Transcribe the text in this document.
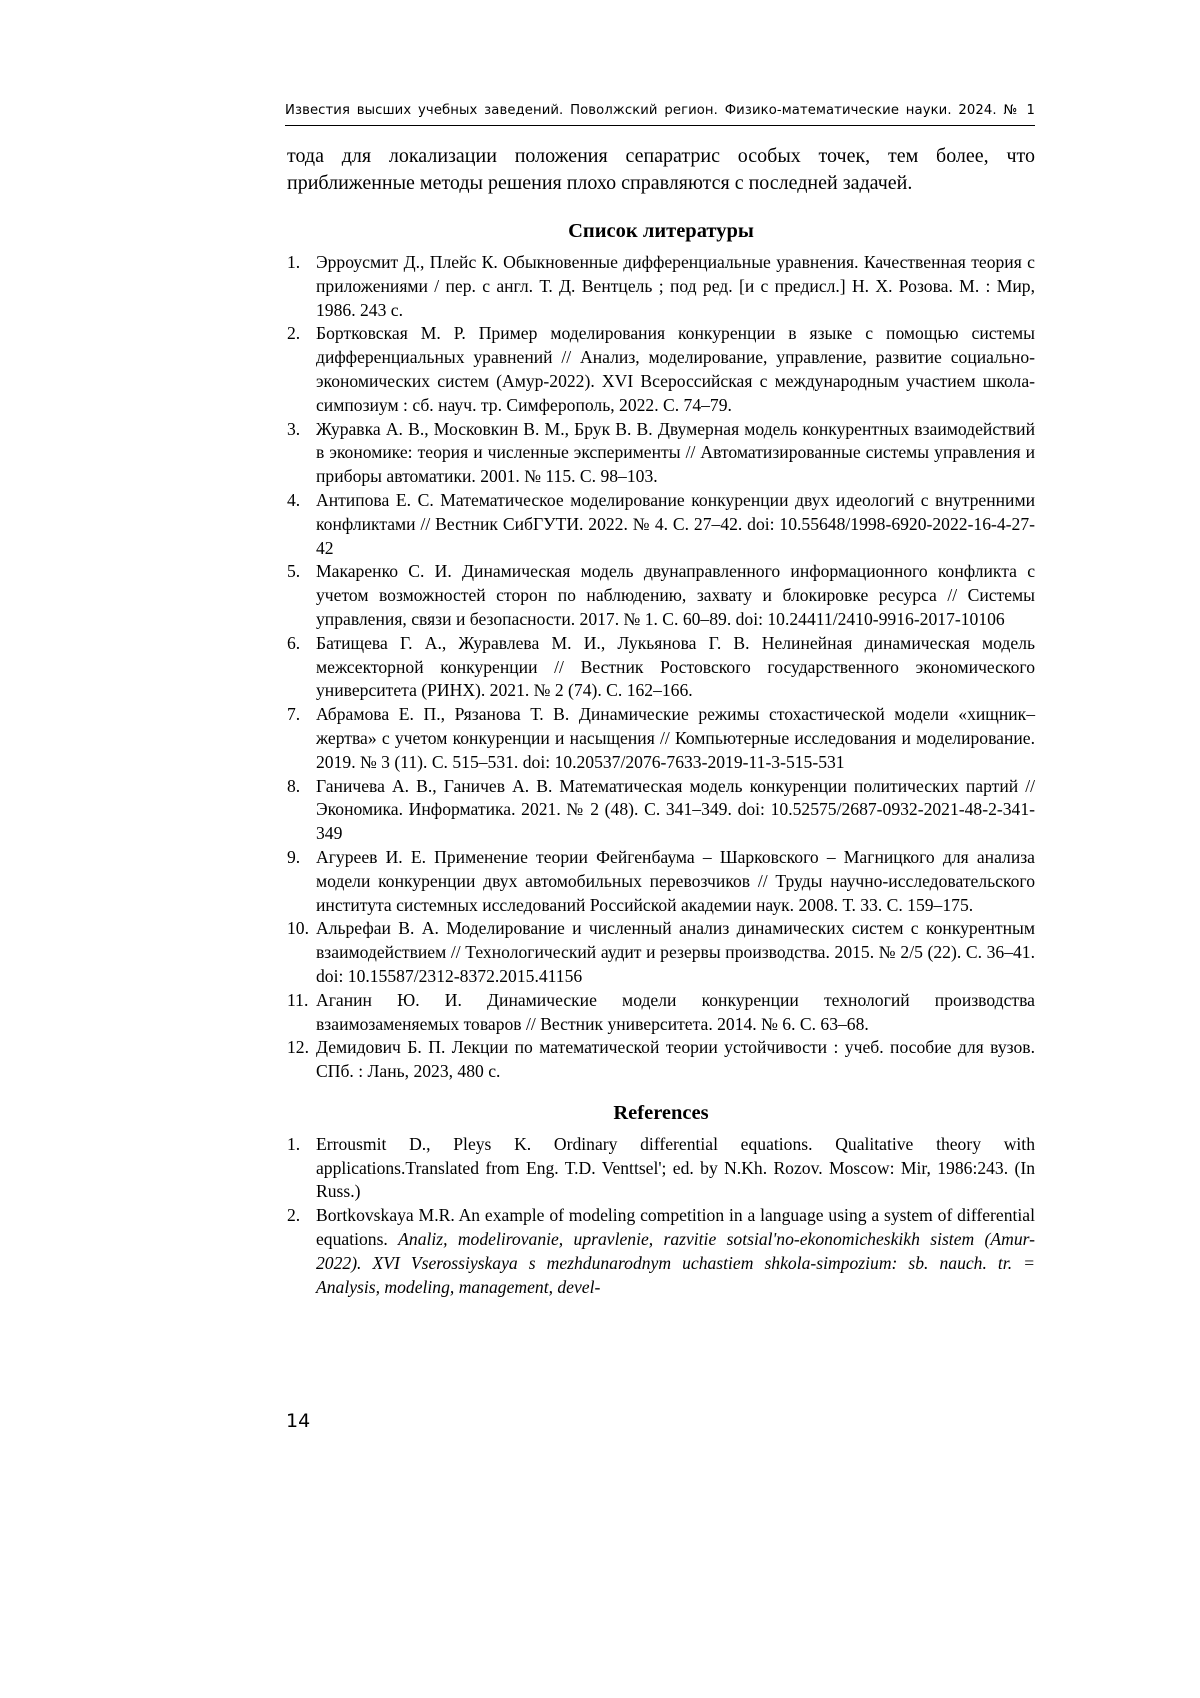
Известия высших учебных заведений. Поволжский регион. Физико-математические науки. 2024. № 1

тода для локализации положения сепаратрис особых точек, тем более, что приближенные методы решения плохо справляются с последней задачей.

Список литературы
1. Эрроусмит Д., Плейс К. Обыкновенные дифференциальные уравнения. Качественная теория с приложениями / пер. с англ. Т. Д. Вентцель ; под ред. [и с предисл.] Н. Х. Розова. М. : Мир, 1986. 243 с.
2. Бортковская М. Р. Пример моделирования конкуренции в языке с помощью системы дифференциальных уравнений // Анализ, моделирование, управление, развитие социально-экономических систем (Амур-2022). XVI Всероссийская с международным участием школа-симпозиум : сб. науч. тр. Симферополь, 2022. С. 74–79.
3. Журавка А. В., Московкин В. М., Брук В. В. Двумерная модель конкурентных взаимодействий в экономике: теория и численные эксперименты // Автоматизированные системы управления и приборы автоматики. 2001. № 115. С. 98–103.
4. Антипова Е. С. Математическое моделирование конкуренции двух идеологий с внутренними конфликтами // Вестник СибГУТИ. 2022. № 4. С. 27–42. doi: 10.55648/1998-6920-2022-16-4-27-42
5. Макаренко С. И. Динамическая модель двунаправленного информационного конфликта с учетом возможностей сторон по наблюдению, захвату и блокировке ресурса // Системы управления, связи и безопасности. 2017. № 1. С. 60–89. doi: 10.24411/2410-9916-2017-10106
6. Батищева Г. А., Журавлева М. И., Лукьянова Г. В. Нелинейная динамическая модель межсекторной конкуренции // Вестник Ростовского государственного экономического университета (РИНХ). 2021. № 2 (74). С. 162–166.
7. Абрамова Е. П., Рязанова Т. В. Динамические режимы стохастической модели «хищник–жертва» с учетом конкуренции и насыщения // Компьютерные исследования и моделирование. 2019. № 3 (11). С. 515–531. doi: 10.20537/2076-7633-2019-11-3-515-531
8. Ганичева А. В., Ганичев А. В. Математическая модель конкуренции политических партий // Экономика. Информатика. 2021. № 2 (48). С. 341–349. doi: 10.52575/2687-0932-2021-48-2-341-349
9. Агуреев И. Е. Применение теории Фейгенбаума – Шарковского – Магницкого для анализа модели конкуренции двух автомобильных перевозчиков // Труды научно-исследовательского института системных исследований Российской академии наук. 2008. Т. 33. С. 159–175.
10. Альрефаи В. А. Моделирование и численный анализ динамических систем с конкурентным взаимодействием // Технологический аудит и резервы производства. 2015. № 2/5 (22). С. 36–41. doi: 10.15587/2312-8372.2015.41156
11. Аганин Ю. И. Динамические модели конкуренции технологий производства взаимозаменяемых товаров // Вестник университета. 2014. № 6. С. 63–68.
12. Демидович Б. П. Лекции по математической теории устойчивости : учеб. пособие для вузов. СПб. : Лань, 2023, 480 с.
References
1. Errousmit D., Pleys K. Ordinary differential equations. Qualitative theory with applications.Translated from Eng. T.D. Venttsel'; ed. by N.Kh. Rozov. Moscow: Mir, 1986:243. (In Russ.)
2. Bortkovskaya M.R. An example of modeling competition in a language using a system of differential equations. Analiz, modelirovanie, upravlenie, razvitie sotsial'no-ekonomicheskikh sistem (Amur-2022). XVI Vserossiyskaya s mezhdunarodnym uchastiem shkola-simpozium: sb. nauch. tr. = Analysis, modeling, management, devel-
14
